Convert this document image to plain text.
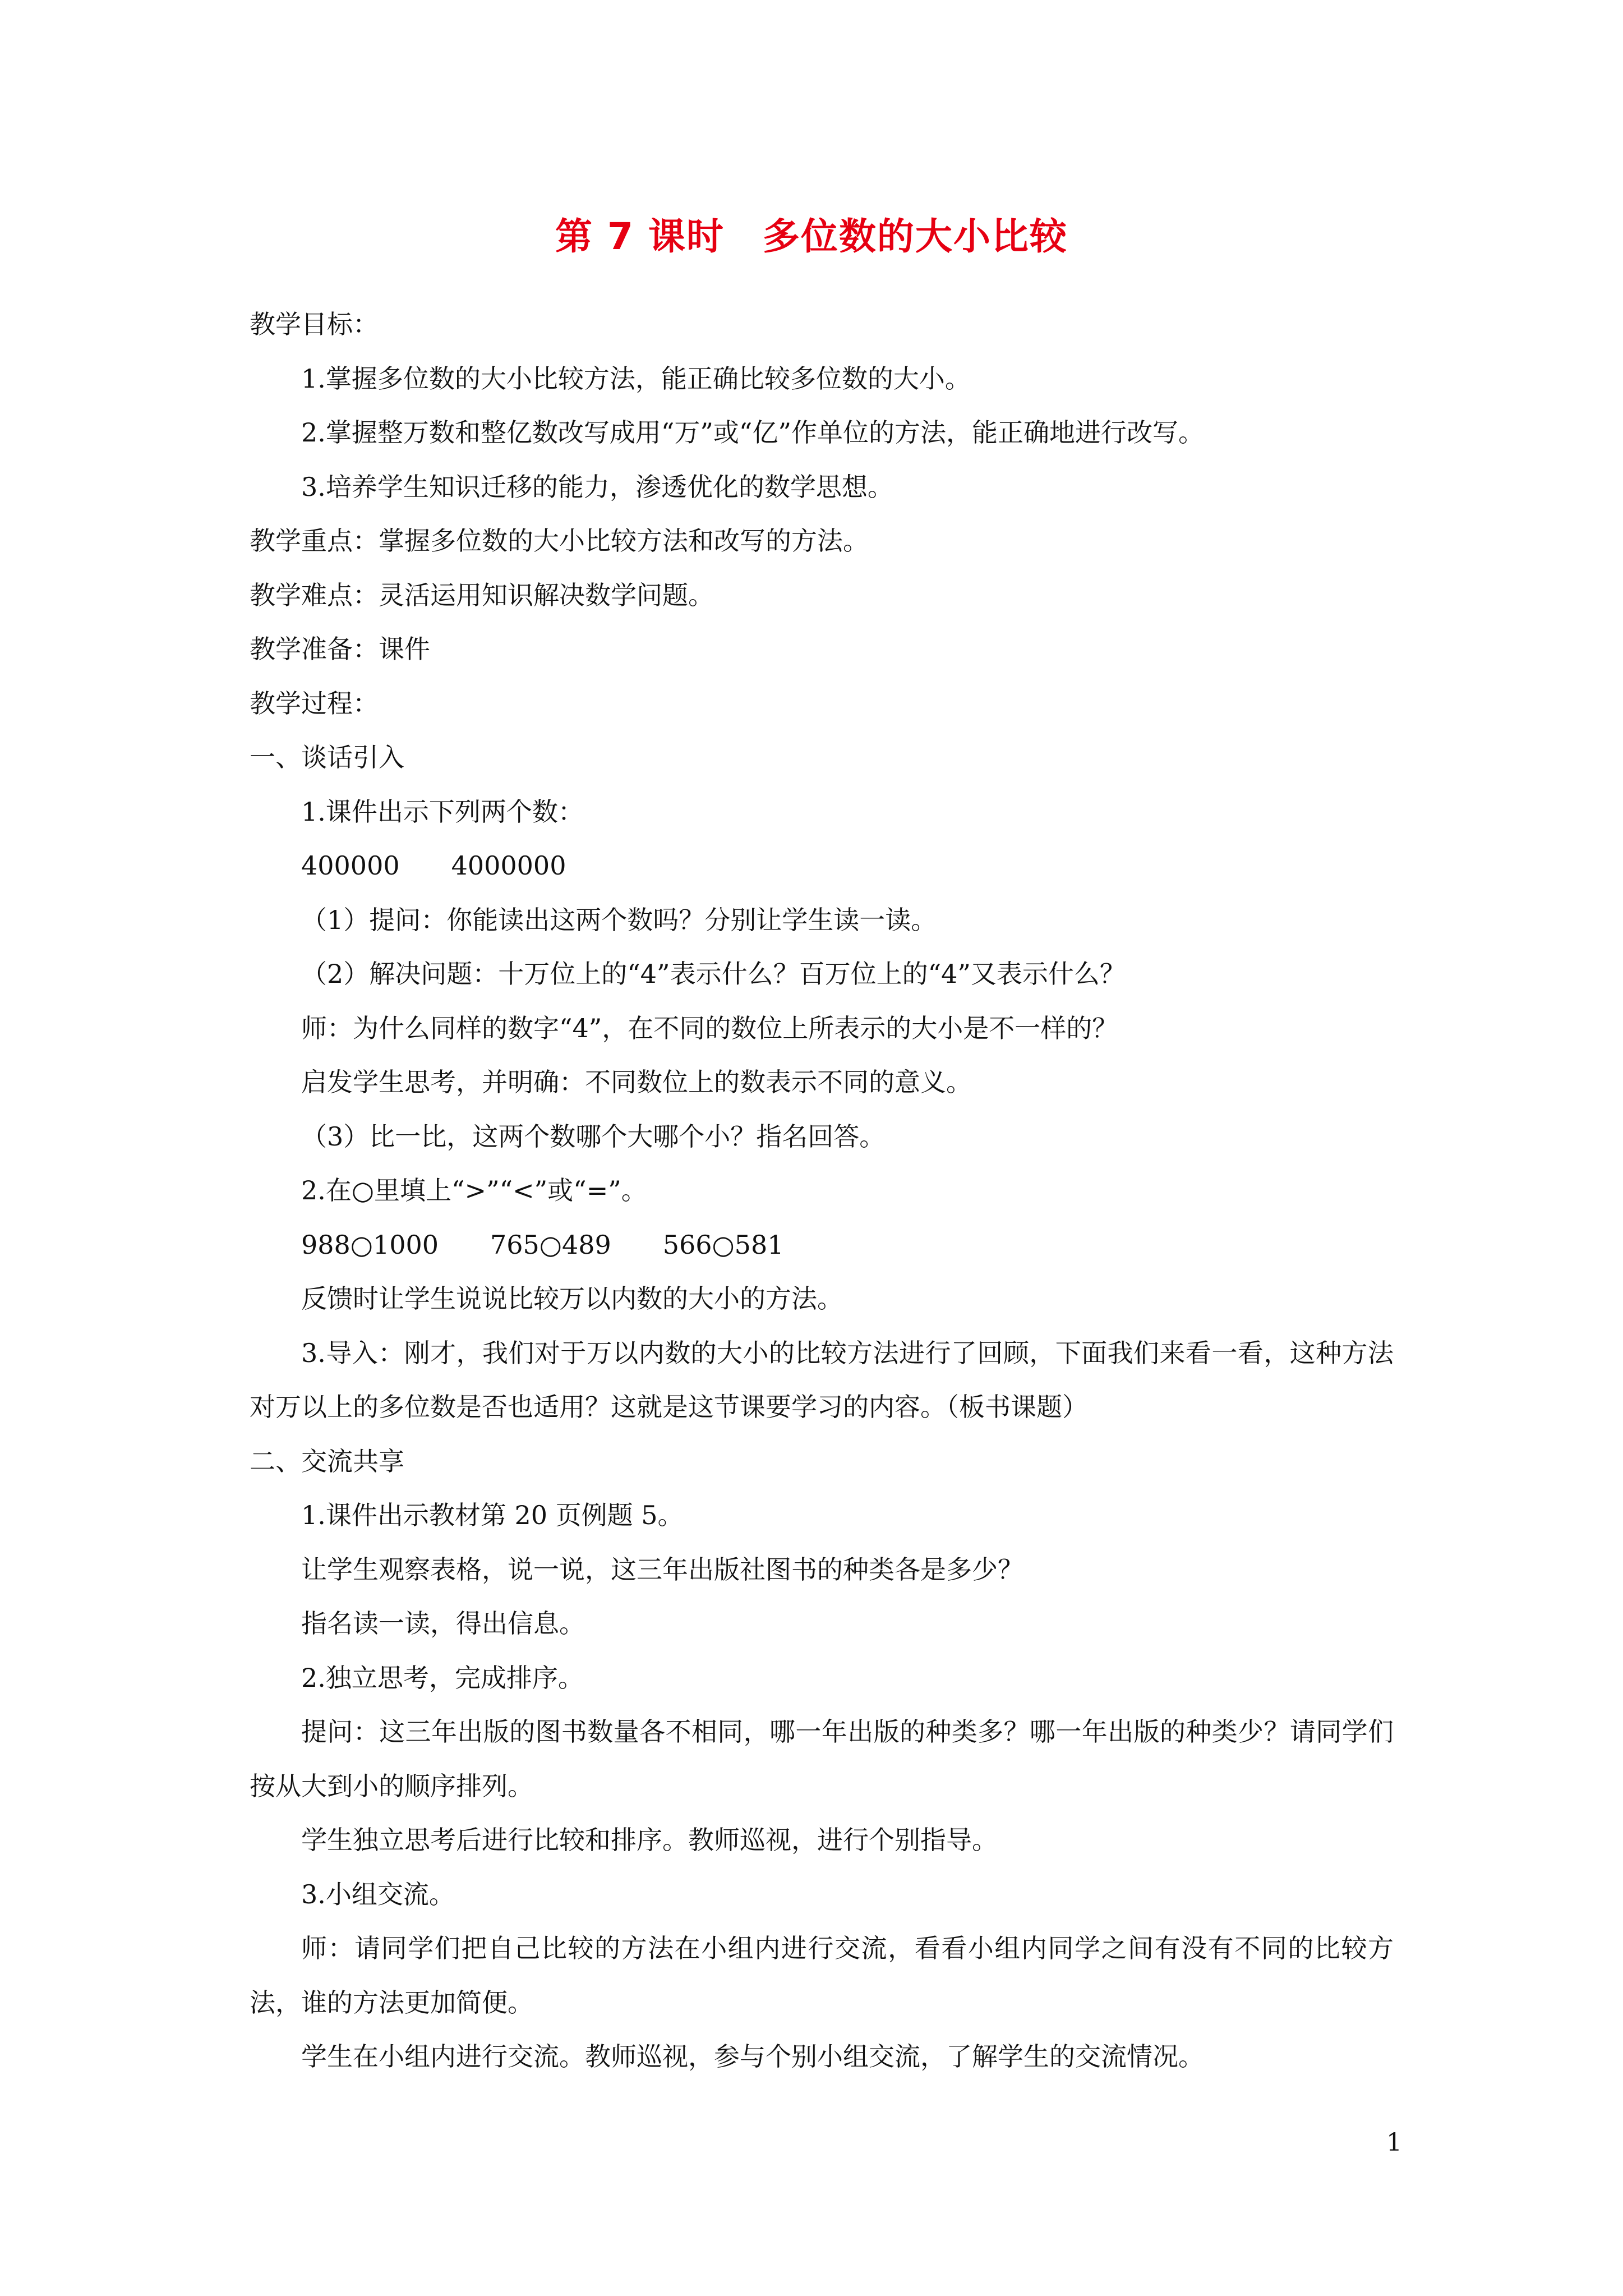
第 7 课时　多位数的大小比较
教学目标：
1.掌握多位数的大小比较方法，能正确比较多位数的大小。
2.掌握整万数和整亿数改写成用“万”或“亿”作单位的方法，能正确地进行改写。
3.培养学生知识迁移的能力，渗透优化的数学思想。
教学重点：掌握多位数的大小比较方法和改写的方法。
教学难点：灵活运用知识解决数学问题。
教学准备：课件
教学过程：
一、谈话引入
1.课件出示下列两个数：
400000　　4000000
（1）提问：你能读出这两个数吗？分别让学生读一读。
（2）解决问题：十万位上的“4”表示什么？百万位上的“4”又表示什么？
师：为什么同样的数字“4”，在不同的数位上所表示的大小是不一样的？
启发学生思考，并明确：不同数位上的数表示不同的意义。
（3）比一比，这两个数哪个大哪个小？指名回答。
2.在○里填上“>”“<”或“=”。
988○1000　　765○489　　566○581
反馈时让学生说说比较万以内数的大小的方法。
3.导入：刚才，我们对于万以内数的大小的比较方法进行了回顾，下面我们来看一看，这种方法对万以上的多位数是否也适用？这就是这节课要学习的内容。（板书课题）
二、交流共享
1.课件出示教材第 20 页例题 5。
让学生观察表格，说一说，这三年出版社图书的种类各是多少？
指名读一读，得出信息。
2.独立思考，完成排序。
提问：这三年出版的图书数量各不相同，哪一年出版的种类多？哪一年出版的种类少？请同学们按从大到小的顺序排列。
学生独立思考后进行比较和排序。教师巡视，进行个别指导。
3.小组交流。
师：请同学们把自己比较的方法在小组内进行交流，看看小组内同学之间有没有不同的比较方法，谁的方法更加简便。
学生在小组内进行交流。教师巡视，参与个别小组交流，了解学生的交流情况。
1
